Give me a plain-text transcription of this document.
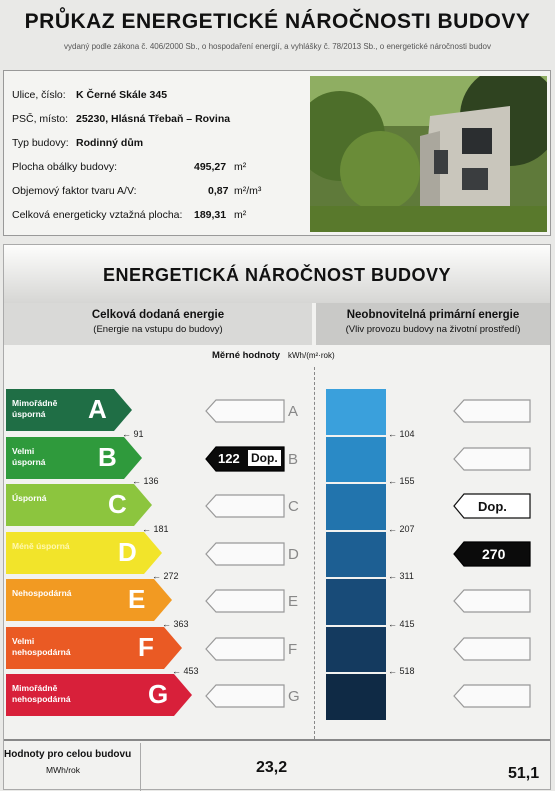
PRŮKAZ ENERGETICKÉ NÁROČNOSTI BUDOVY
vydaný podle zákona č. 406/2000 Sb., o hospodaření energií, a vyhlášky č. 78/2013 Sb., o energetické náročnosti budov
Ulice, číslo: K Černé Skále 345
PSČ, místo: 25230, Hlásná Třebaň – Rovina
Typ budovy: Rodinný dům
Plocha obálky budovy:	495,27 m²
Objemový faktor tvaru A/V:	0,87 m²/m³
Celková energeticky vztažná plocha: 189,31 m²
ENERGETICKÁ NÁROČNOST BUDOVY
Celková dodaná energie
(Energie na vstupu do budovy)
Neobnovitelná primární energie
(Vliv provozu budovy na životní prostředí)
Měrné hodnoty kWh/(m²·rok)
Mimořádně
úsporná	A	A
Velmi
úsporná B	B
Úsporná C	C
Méně úsporná D	D
Nehospodárná E	E
Velmi
nehospodárná	F	F
Mimořádně
nehospodárná	G	G
← 91
← 136
← 181
← 272
← 363
← 453
← 104
← 155
← 207
← 311
← 415
← 518
122 Dop.
Dop.
270
Hodnoty pro celou budovu
MWh/rok	23,2	51,1
